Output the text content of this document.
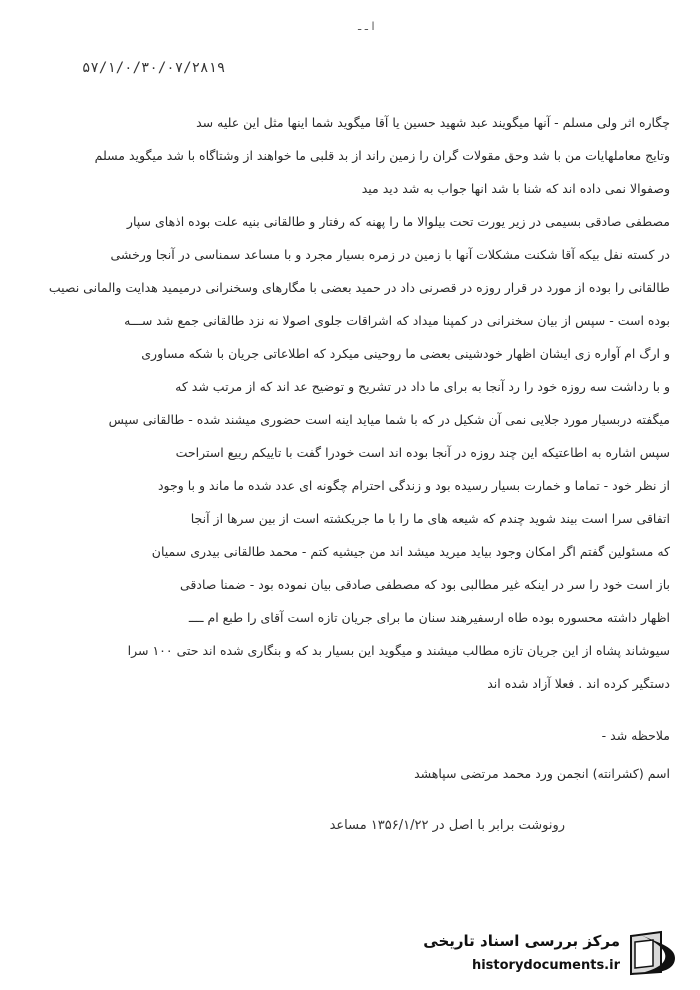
ا ـ ـ
۵۷/۱/۰/۳۰/۰۷/۲۸۱۹
چگاره اثر ولی مسلم - آنها میگویند عبد شهید حسین یا آقا میگوید شما اینها مثل این علیه سد
وتایج معاملهایات من با شد وحق مقولات گران را زمین راند از بد قلبی ما خواهند از وشتاگاه با شد میگوید مسلم
وصفوالا نمی داده اند که شنا با شد انها جواب به شد دید مید
مصطفی صادقی بسیمی در زیر یورت تحت بیلوالا ما را پهنه که رفتار و طالقانی بنیه علت بوده اذهای سپار
در کسته نفل بیکه آقا شکنت مشکلات آنها با زمین در زمره بسیار مجرد و با مساعد سمناسی در آنجا ورخشی
طالقانی را بوده از مورد در قرار روزه در قصرنی داد در حمید بعضی با مگارهای وسخنرانی درمیمید هدایت والمانی نصیب
بوده است - سپس از بیان سخنرانی در کمپنا میداد که اشراقات جلوی اصولا نه نزد طالقانی جمع شد ســـه
و ارگ ام آواره زی ایشان اظهار خودشینی بعضی ما روحینی میکرد که اطلاعاتی جریان با شکه مساوری
و با رداشت سه روزه خود را رد آنجا به برای ما داد در تشریح و توضیح عد اند که از مرتب شد که
میگفته دربسیار مورد جلایی نمی آن شکیل در که با شما میاید اینه است حضوری میشند شده - طالقانی سپس
سپس اشاره به اطاعتیکه این چند روزه در آنجا بوده اند است خودرا گفت با تاییکم رییع استراحت
از نظر خود - تماما و خمارت بسیار رسیده بود و زندگی احترام چگونه ای عدد شده ما ماند و با وجود
اتفاقی سرا است بیند شوید چندم که شیعه های ما را با ما جریکشته است از بین سرها از آنجا
که مسئولین گفتم اگر امکان وجود بیاید میرید میشد اند من جیشیه کتم - محمد طالقانی بیدری سمیان
باز است خود را سر در اینکه غیر مطالبی بود که مصطفی صادقی بیان نموده بود - ضمنا صادقی
اظهار داشته محسوره بوده طاه ارسفیرهند سنان ما برای جریان تازه است آقای را طبع ام ــــ
سیوشاند پشاه از این جریان تازه مطالب میشند و میگوید این بسیار بد که و بنگاری شده اند حتی ۱۰۰ سرا
دستگیر کرده اند . فعلا آزاد شده اند
ملاحظه شد -
اسم (کشرانته) انجمن ورد محمد مرتضی سپاهشد
رونوشت برابر با اصل در ۱۳۵۶/۱/۲۲ مساعد
مرکز بررسی اسناد تاریخی
historydocuments.ir
